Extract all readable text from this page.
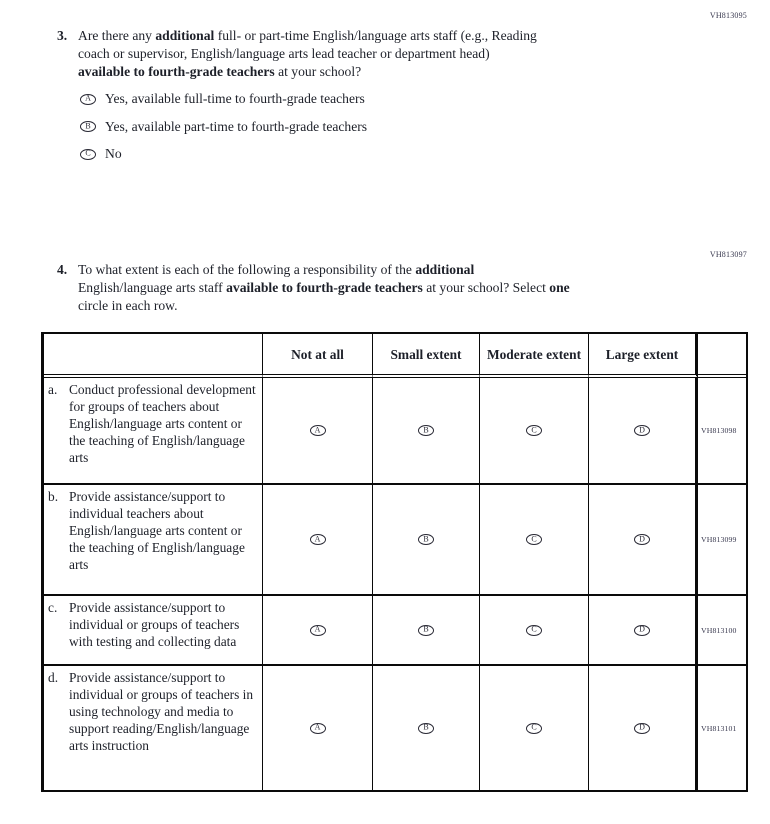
VH813095
3. Are there any additional full- or part-time English/language arts staff (e.g., Reading
coach or supervisor, English/language arts lead teacher or department head)
available to fourth-grade teachers at your school?
A Yes, available full-time to fourth-grade teachers
B Yes, available part-time to fourth-grade teachers
C No
VH813097
4. To what extent is each of the following a responsibility of the additional
English/language arts staff available to fourth-grade teachers at your school? Select one
circle in each row.
Not at all	Small extent	Moderate extent	Large extent
a. Conduct professional development for groups of teachers about English/language arts content or the teaching of English/language arts
A	B	C	D	VH813098
b. Provide assistance/support to individual teachers about English/language arts content or the teaching of English/language arts
A	B	C	D	VH813099
c. Provide assistance/support to individual or groups of teachers with testing and collecting data
A	B	C	D	VH813100
d. Provide assistance/support to individual or groups of teachers in using technology and media to support reading/English/language arts instruction
A	B	C	D	VH813101
